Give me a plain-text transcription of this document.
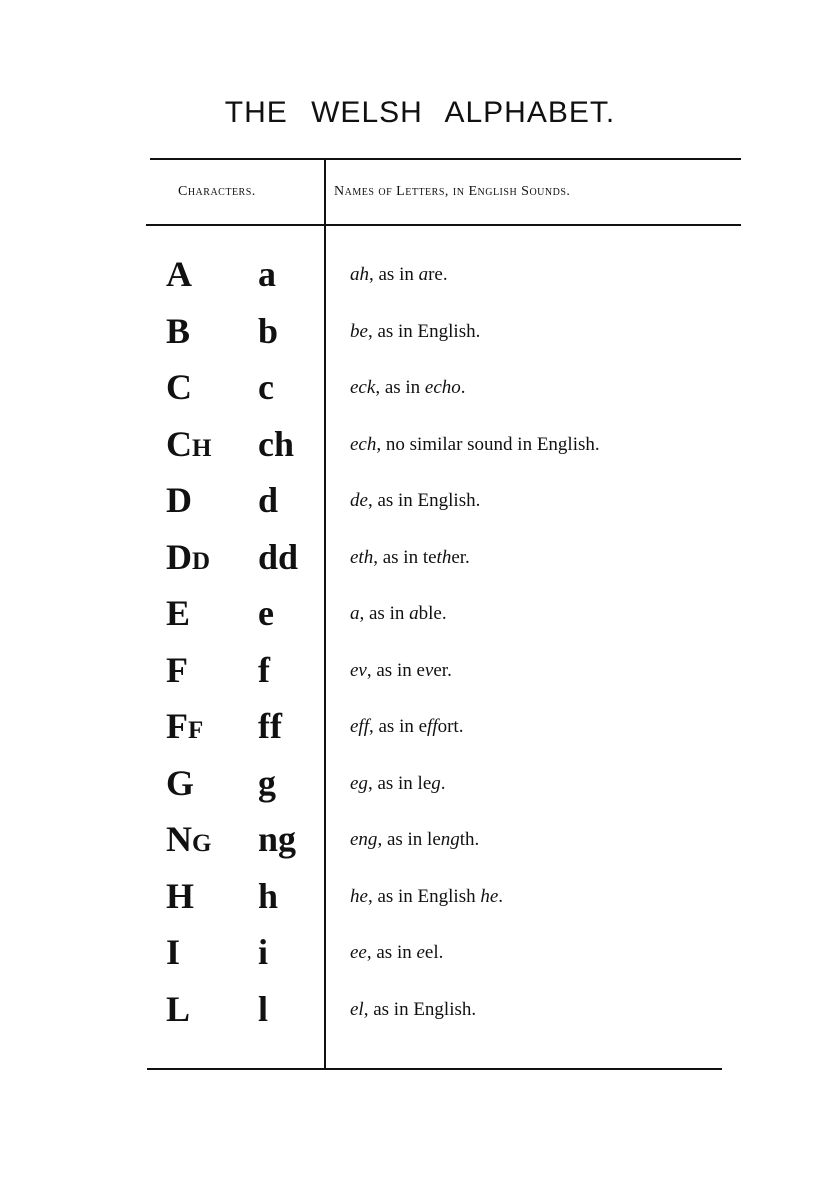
THE WELSH ALPHABET.
Characters.	Names of Letters, in English Sounds.
A a	ah, as in are.
B b	be, as in English.
C c	eck, as in echo.
Ch ch	ech, no similar sound in English.
D d	de, as in English.
Dd dd	eth, as in tether.
E e	a, as in able.
F f	ev, as in ever.
Ff ff	eff, as in effort.
G g	eg, as in leg.
Ng ng	eng, as in length.
H h	he, as in English he.
I i	ee, as in eel.
L l	el, as in English.
